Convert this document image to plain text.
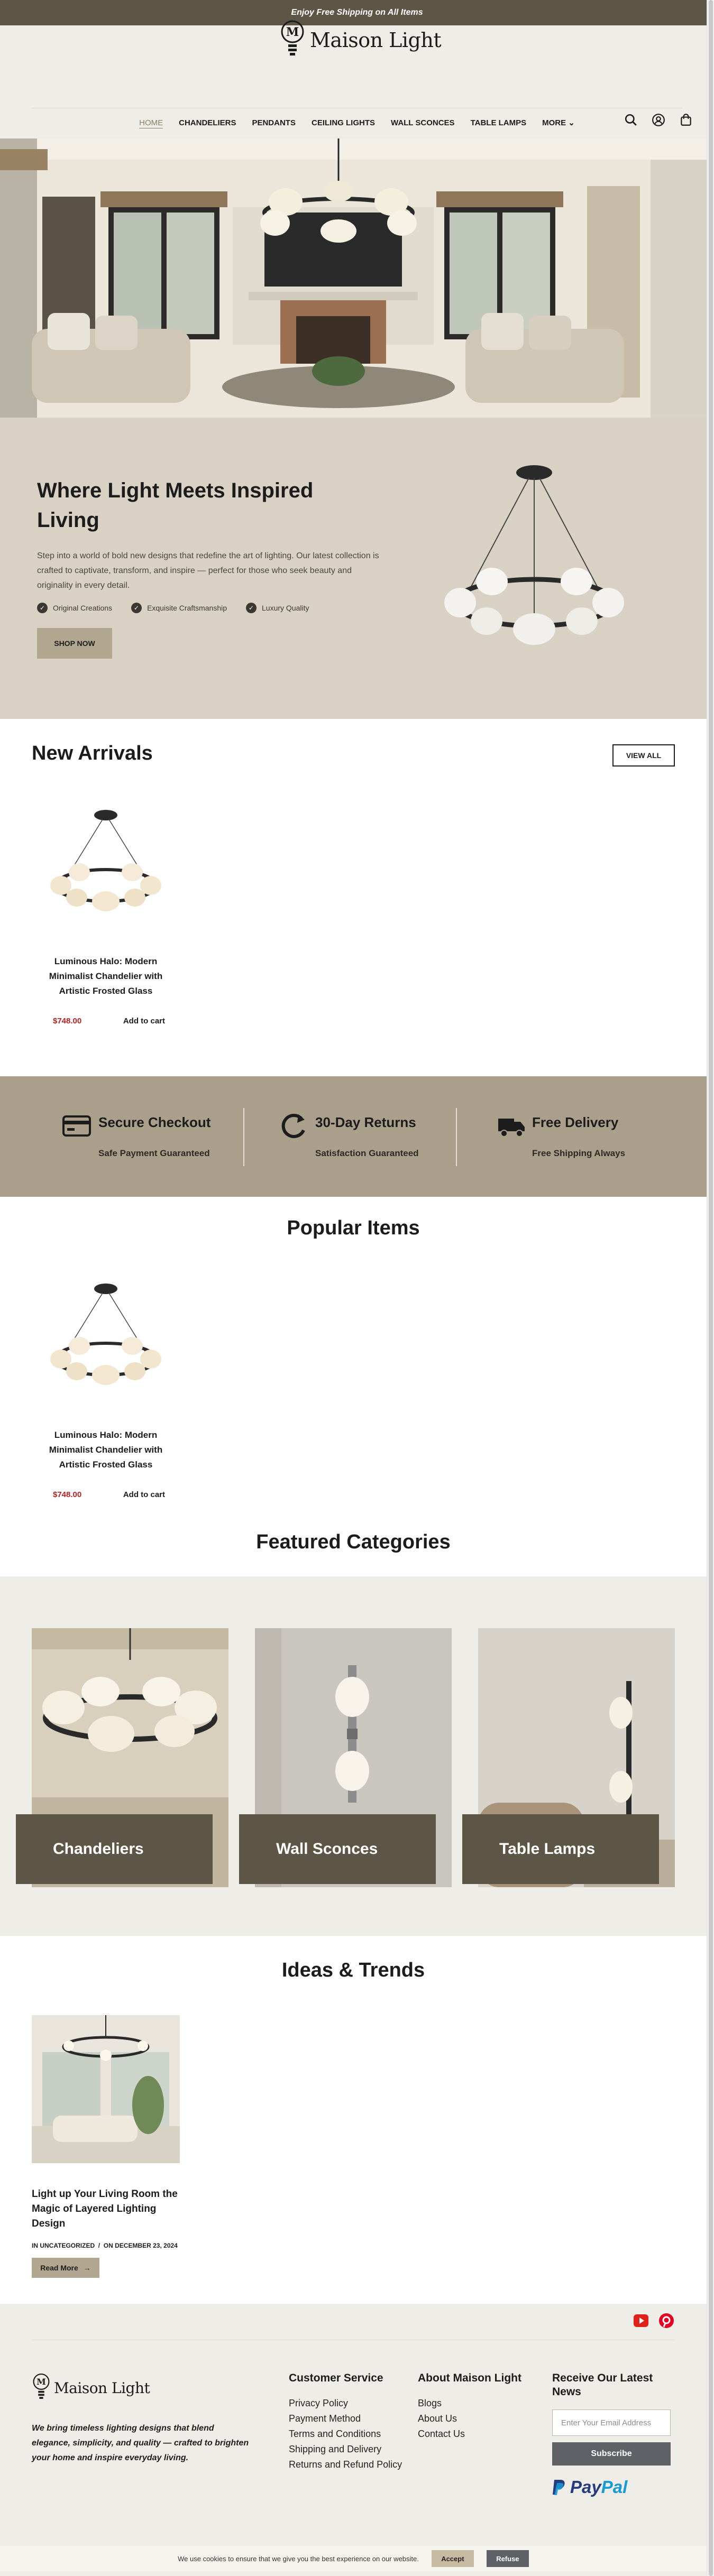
Enjoy Free Shipping on All Items
M Maison Light
HOME CHANDELIERS PENDANTS CEILING LIGHTS WALL SCONCES TABLE LAMPS MORE ⌄
Where Light Meets Inspired Living

Step into a world of bold new designs that redefine the art of lighting. Our latest collection is crafted to captivate, transform, and inspire — perfect for those who seek beauty and originality in every detail.

✓	Original Creations	✓	Exquisite Craftsmanship	✓	Luxury Quality
SHOP NOW
New Arrivals	VIEW ALL
Luminous Halo: Modern Minimalist Chandelier with Artistic Frosted Glass
$748.00	Add to cart
Secure Checkout
Safe Payment Guaranteed
30-Day Returns
Satisfaction Guaranteed
Free Delivery
Free Shipping Always
Popular Items
Luminous Halo: Modern Minimalist Chandelier with Artistic Frosted Glass
$748.00	Add to cart
Featured Categories
Chandeliers	Wall Sconces	Table Lamps
Ideas & Trends
Light up Your Living Room the Magic of Layered Lighting Design
IN UNCATEGORIZED / ON DECEMBER 23, 2024
Read More →
M Maison Light

We bring timeless lighting designs that blend elegance, simplicity, and quality — crafted to brighten your home and inspire everyday living.

Customer Service
Privacy Policy
Payment Method
Terms and Conditions
Shipping and Delivery
Returns and Refund Policy
About Maison Light
Blogs
About Us
Contact Us
Receive Our Latest News
Enter Your Email Address Subscribe
PayPal
We use cookies to ensure that we give you the best experience on our website.	Accept	Refuse
